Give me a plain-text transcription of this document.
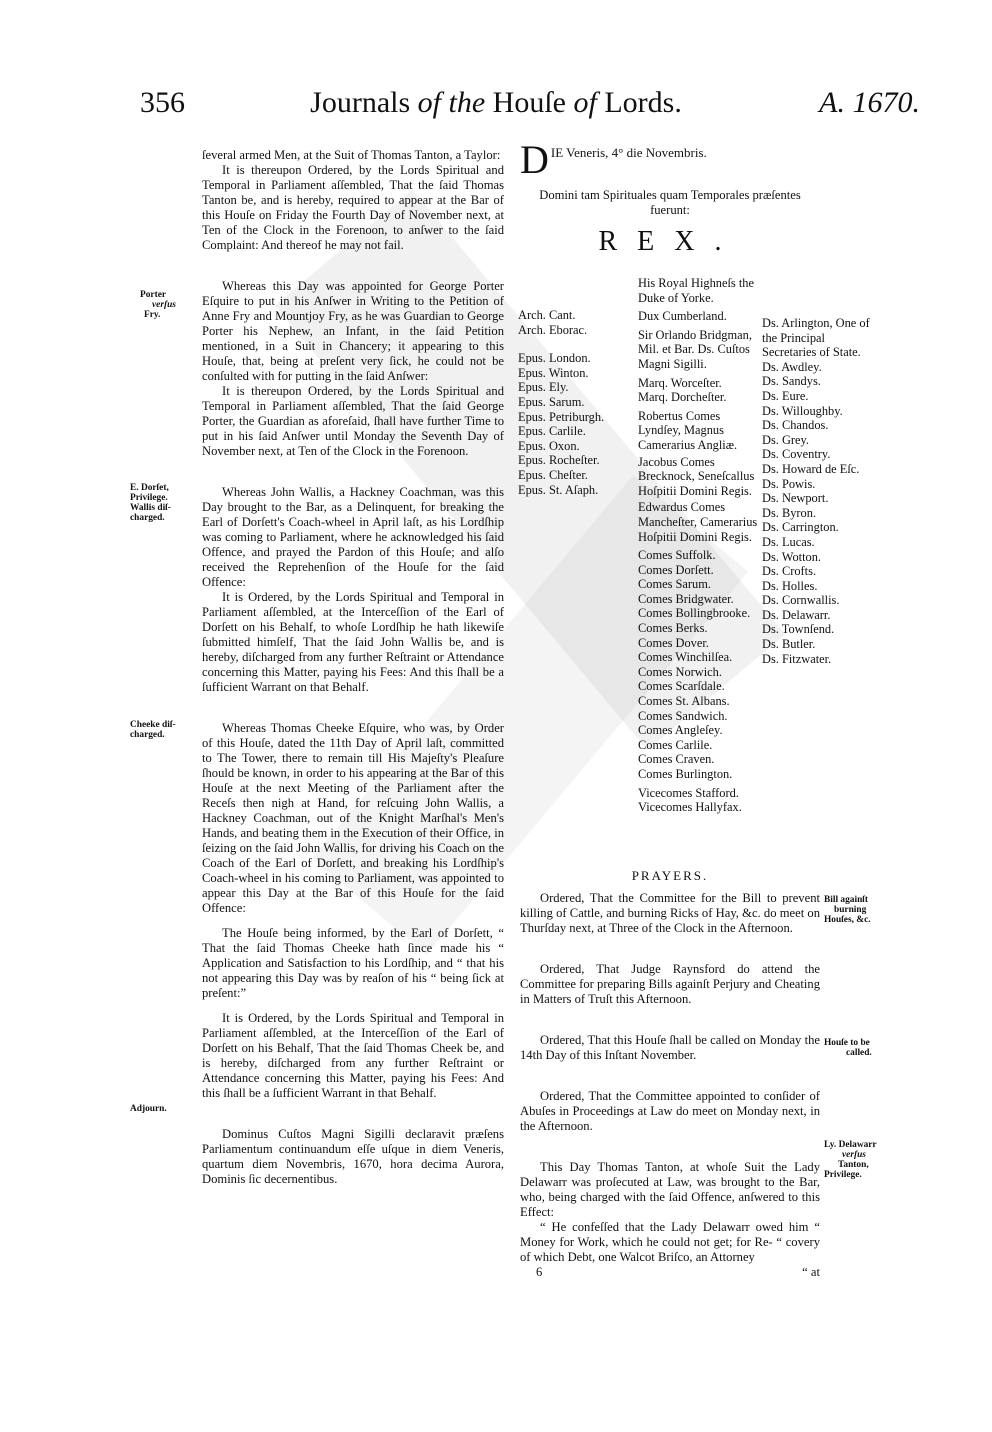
356	Journals of the Houſe of Lords.	A. 1670.
Porter
verſus
Fry.
E. Dorſet,
Privilege.
Wallis diſ-
charged.
Cheeke diſ-
charged.
Adjourn.
Bill againſt
burning
Houſes, &c.
Houſe to be
called.
Ly. Delawarr
verſus
Tanton,
Privilege.

ſeveral armed Men, at the Suit of Thomas Tanton, a Taylor:

It is thereupon Ordered, by the Lords Spiritual and Temporal in Parliament aſſembled, That the ſaid Thomas Tanton be, and is hereby, required to appear at the Bar of this Houſe on Friday the Fourth Day of November next, at Ten of the Clock in the Forenoon, to anſwer to the ſaid Complaint: And thereof he may not fail.

Whereas this Day was appointed for George Porter Eſquire to put in his Anſwer in Writing to the Petition of Anne Fry and Mountjoy Fry, as he was Guardian to George Porter his Nephew, an Infant, in the ſaid Petition mentioned, in a Suit in Chancery; it appearing to this Houſe, that, being at preſent very ſick, he could not be conſulted with for putting in the ſaid Anſwer:

It is thereupon Ordered, by the Lords Spiritual and Temporal in Parliament aſſembled, That the ſaid George Porter, the Guardian as aforeſaid, ſhall have further Time to put in his ſaid Anſwer until Monday the Seventh Day of November next, at Ten of the Clock in the Forenoon.

Whereas John Wallis, a Hackney Coachman, was this Day brought to the Bar, as a Delinquent, for breaking the Earl of Dorſett's Coach-wheel in April laſt, as his Lordſhip was coming to Parliament, where he acknowledged his ſaid Offence, and prayed the Pardon of this Houſe; and alſo received the Reprehenſion of the Houſe for the ſaid Offence:

It is Ordered, by the Lords Spiritual and Temporal in Parliament aſſembled, at the Interceſſion of the Earl of Dorſett on his Behalf, to whoſe Lordſhip he hath likewiſe ſubmitted himſelf, That the ſaid John Wallis be, and is hereby, diſcharged from any further Reſtraint or Attendance concerning this Matter, paying his Fees: And this ſhall be a ſufficient Warrant on that Behalf.

Whereas Thomas Cheeke Eſquire, who was, by Order of this Houſe, dated the 11th Day of April laſt, committed to The Tower, there to remain till His Majeſty's Pleaſure ſhould be known, in order to his appearing at the Bar of this Houſe at the next Meeting of the Parliament after the Receſs then nigh at Hand, for reſcuing John Wallis, a Hackney Coachman, out of the Knight Marſhal's Men's Hands, and beating them in the Execution of their Office, in ſeizing on the ſaid John Wallis, for driving his Coach on the Coach of the Earl of Dorſett, and breaking his Lordſhip's Coach-wheel in his coming to Parliament, was appointed to appear this Day at the Bar of this Houſe for the ſaid Offence:

The Houſe being informed, by the Earl of Dorſett, “ That the ſaid Thomas Cheeke hath ſince made his “ Application and Satisfaction to his Lordſhip, and “ that his not appearing this Day was by reaſon of his “ being ſick at preſent:”

It is Ordered, by the Lords Spiritual and Temporal in Parliament aſſembled, at the Interceſſion of the Earl of Dorſett on his Behalf, That the ſaid Thomas Cheek be, and is hereby, diſcharged from any further Reſtraint or Attendance concerning this Matter, paying his Fees: And this ſhall be a ſufficient Warrant in that Behalf.

Dominus Cuſtos Magni Sigilli declaravit præſens Parliamentum continuandum eſſe uſque in diem Veneris, quartum diem Novembris, 1670, hora decima Aurora, Dominis ſic decernentibus.

DIE Veneris, 4° die Novembris.
Domini tam Spirituales quam Temporales præſentes fuerunt:
REX.
Arch. Cant.
Arch. Eborac.
Epus. London.
Epus. Winton.
Epus. Ely.
Epus. Sarum.
Epus. Petriburgh.
Epus. Carlile.
Epus. Oxon.
Epus. Rocheſter.
Epus. Cheſter.
Epus. St. Aſaph.
His Royal Highneſs the Duke of Yorke.
Dux Cumberland.
Sir Orlando Bridgman, Mil. et Bar. Ds. Cuſtos Magni Sigilli.
Marq. Worceſter.
Marq. Dorcheſter.
Robertus Comes Lyndſey, Magnus Camerarius Angliæ.
Jacobus Comes Brecknock, Seneſcallus Hoſpitii Domini Regis.
Edwardus Comes Mancheſter, Camerarius Hoſpitii Domini Regis.
Comes Suffolk.
Comes Dorſett.
Comes Sarum.
Comes Bridgwater.
Comes Bollingbrooke.
Comes Berks.
Comes Dover.
Comes Winchilſea.
Comes Norwich.
Comes Scarſdale.
Comes St. Albans.
Comes Sandwich.
Comes Angleſey.
Comes Carlile.
Comes Craven.
Comes Burlington.
Vicecomes Stafford.
Vicecomes Hallyfax.
Ds. Arlington, One of the Principal Secretaries of State.
Ds. Awdley.
Ds. Sandys.
Ds. Eure.
Ds. Willoughby.
Ds. Chandos.
Ds. Grey.
Ds. Coventry.
Ds. Howard de Eſc.
Ds. Powis.
Ds. Newport.
Ds. Byron.
Ds. Carrington.
Ds. Lucas.
Ds. Wotton.
Ds. Crofts.
Ds. Holles.
Ds. Cornwallis.
Ds. Delawarr.
Ds. Townſend.
Ds. Butler.
Ds. Fitzwater.
PRAYERS.

Ordered, That the Committee for the Bill to prevent killing of Cattle, and burning Ricks of Hay, &c. do meet on Thurſday next, at Three of the Clock in the Afternoon.

Ordered, That Judge Raynsford do attend the Committee for preparing Bills againſt Perjury and Cheating in Matters of Truſt this Afternoon.

Ordered, That this Houſe ſhall be called on Monday the 14th Day of this Inſtant November.

Ordered, That the Committee appointed to conſider of Abuſes in Proceedings at Law do meet on Monday next, in the Afternoon.

This Day Thomas Tanton, at whoſe Suit the Lady Delawarr was proſecuted at Law, was brought to the Bar, who, being charged with the ſaid Offence, anſwered to this Effect:

“ He confeſſed that the Lady Delawarr owed him “ Money for Work, which he could not get; for Re- “ covery of which Debt, one Walcot Briſco, an Attorney

6	“ at
